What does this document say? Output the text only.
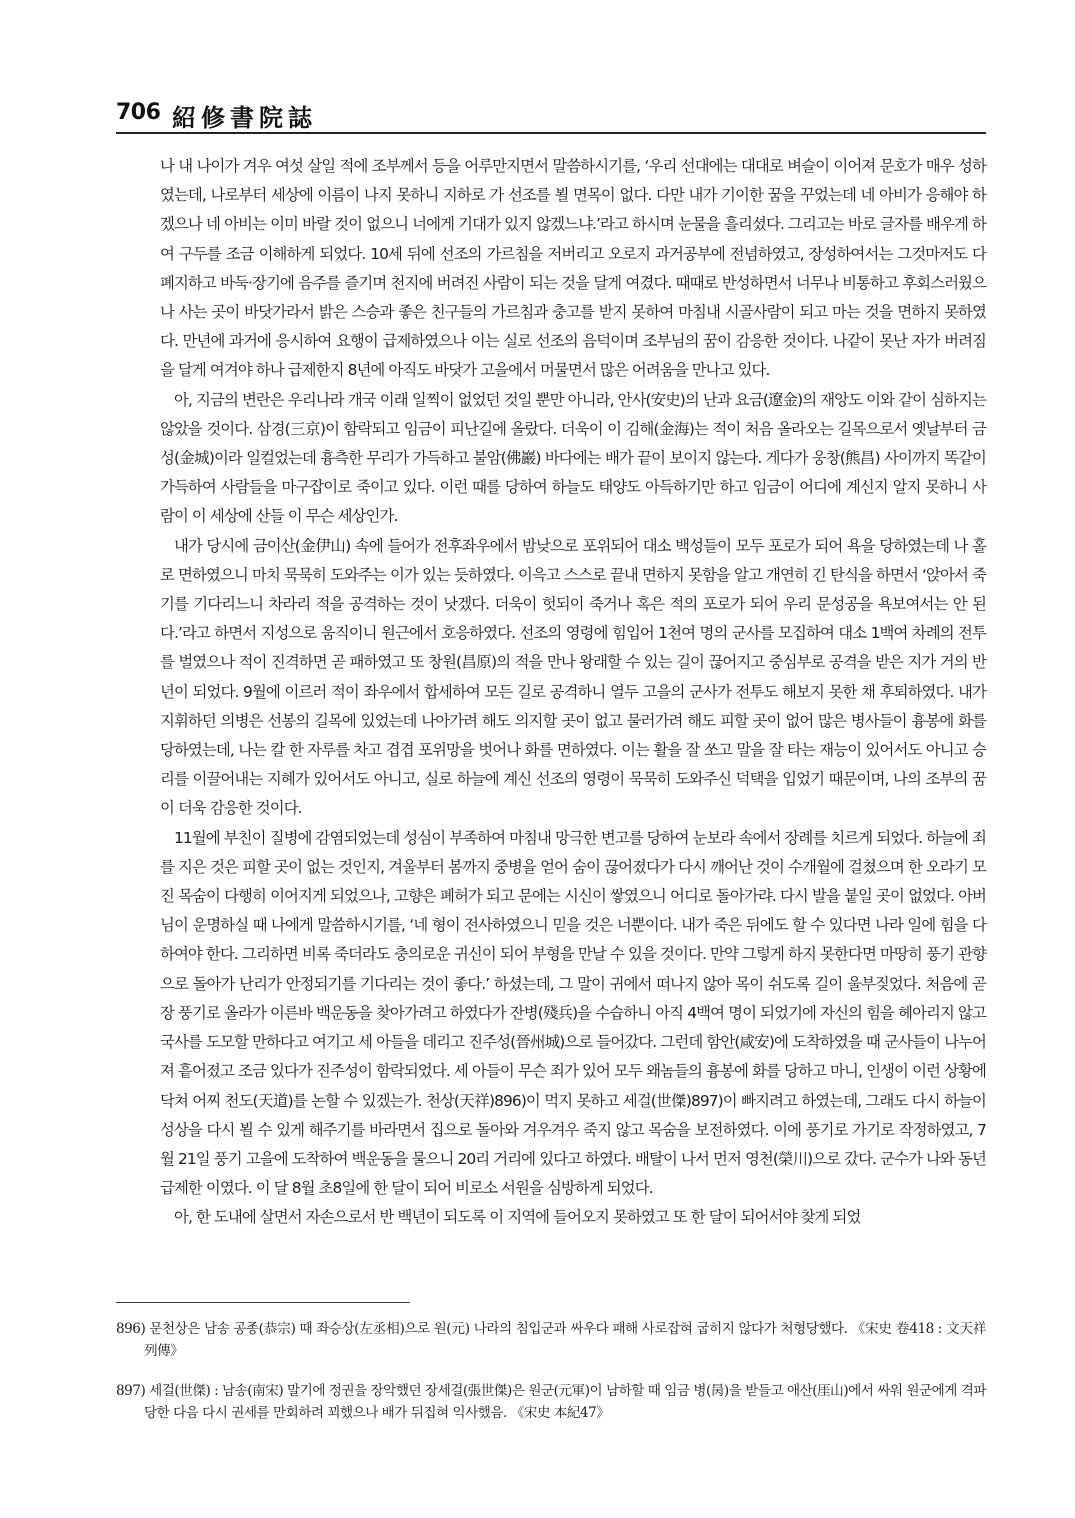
706 紹修書院誌

나 내 나이가 겨우 여섯 살일 적에 조부께서 등을 어루만지면서 말씀하시기를, ‘우리 선대에는 대대로 벼슬이 이어져 문호가 매우 성하였는데, 나로부터 세상에 이름이 나지 못하니 지하로 가 선조를 뵐 면목이 없다. 다만 내가 기이한 꿈을 꾸었는데 네 아비가 응해야 하겠으나 네 아비는 이미 바랄 것이 없으니 너에게 기대가 있지 않겠느냐.’라고 하시며 눈물을 흘리셨다. 그리고는 바로 글자를 배우게 하여 구두를 조금 이해하게 되었다. 10세 뒤에 선조의 가르침을 저버리고 오로지 과거공부에 전념하였고, 장성하여서는 그것마저도 다 폐지하고 바둑·장기에 음주를 즐기며 천지에 버려진 사람이 되는 것을 달게 여겼다. 때때로 반성하면서 너무나 비통하고 후회스러웠으나 사는 곳이 바닷가라서 밝은 스승과 좋은 친구들의 가르침과 충고를 받지 못하여 마침내 시골사람이 되고 마는 것을 면하지 못하였다. 만년에 과거에 응시하여 요행이 급제하였으나 이는 실로 선조의 음덕이며 조부님의 꿈이 감응한 것이다. 나같이 못난 자가 버려짐을 달게 여겨야 하나 급제한지 8년에 아직도 바닷가 고을에서 머물면서 많은 어려움을 만나고 있다.

아, 지금의 변란은 우리나라 개국 이래 일찍이 없었던 것일 뿐만 아니라, 안사(安史)의 난과 요금(遼金)의 재앙도 이와 같이 심하지는 않았을 것이다. 삼경(三京)이 함락되고 임금이 피난길에 올랐다. 더욱이 이 김해(金海)는 적이 처음 올라오는 길목으로서 옛날부터 금성(金城)이라 일컬었는데 흉측한 무리가 가득하고 불암(佛巖) 바다에는 배가 끝이 보이지 않는다. 게다가 웅창(熊昌) 사이까지 똑같이 가득하여 사람들을 마구잡이로 죽이고 있다. 이런 때를 당하여 하늘도 태양도 아득하기만 하고 임금이 어디에 계신지 알지 못하니 사람이 이 세상에 산들 이 무슨 세상인가.

내가 당시에 금이산(金伊山) 속에 들어가 전후좌우에서 밤낮으로 포위되어 대소 백성들이 모두 포로가 되어 욕을 당하였는데 나 홀로 면하였으니 마치 묵묵히 도와주는 이가 있는 듯하였다. 이윽고 스스로 끝내 면하지 못함을 알고 개연히 긴 탄식을 하면서 ‘앉아서 죽기를 기다리느니 차라리 적을 공격하는 것이 낫겠다. 더욱이 헛되이 죽거나 혹은 적의 포로가 되어 우리 문성공을 욕보여서는 안 된다.’라고 하면서 지성으로 움직이니 원근에서 호응하였다. 선조의 영령에 힘입어 1천여 명의 군사를 모집하여 대소 1백여 차례의 전투를 벌였으나 적이 진격하면 곧 패하였고 또 창원(昌原)의 적을 만나 왕래할 수 있는 길이 끊어지고 중심부로 공격을 받은 지가 거의 반년이 되었다. 9월에 이르러 적이 좌우에서 합세하여 모든 길로 공격하니 열두 고을의 군사가 전투도 해보지 못한 채 후퇴하였다. 내가 지휘하던 의병은 선봉의 길목에 있었는데 나아가려 해도 의지할 곳이 없고 물러가려 해도 피할 곳이 없어 많은 병사들이 흉봉에 화를 당하였는데, 나는 칼 한 자루를 차고 겹겹 포위망을 벗어나 화를 면하였다. 이는 활을 잘 쏘고 말을 잘 타는 재능이 있어서도 아니고 승리를 이끌어내는 지혜가 있어서도 아니고, 실로 하늘에 계신 선조의 영령이 묵묵히 도와주신 덕택을 입었기 때문이며, 나의 조부의 꿈이 더욱 감응한 것이다.

11월에 부친이 질병에 감염되었는데 성심이 부족하여 마침내 망극한 변고를 당하여 눈보라 속에서 장례를 치르게 되었다. 하늘에 죄를 지은 것은 피할 곳이 없는 것인지, 겨울부터 봄까지 중병을 얻어 숨이 끊어졌다가 다시 깨어난 것이 수개월에 걸쳤으며 한 오라기 모진 목숨이 다행히 이어지게 되었으나, 고향은 폐허가 되고 문에는 시신이 쌓였으니 어디로 돌아가랴. 다시 발을 붙일 곳이 없었다. 아버님이 운명하실 때 나에게 말씀하시기를, ‘네 형이 전사하였으니 믿을 것은 너뿐이다. 내가 죽은 뒤에도 할 수 있다면 나라 일에 힘을 다하여야 한다. 그리하면 비록 죽더라도 충의로운 귀신이 되어 부형을 만날 수 있을 것이다. 만약 그렇게 하지 못한다면 마땅히 풍기 관향으로 돌아가 난리가 안정되기를 기다리는 것이 좋다.’ 하셨는데, 그 말이 귀에서 떠나지 않아 목이 쉬도록 길이 울부짖었다. 처음에 곧장 풍기로 올라가 이른바 백운동을 찾아가려고 하였다가 잔병(殘兵)을 수습하니 아직 4백여 명이 되었기에 자신의 힘을 헤아리지 않고 국사를 도모할 만하다고 여기고 세 아들을 데리고 진주성(晉州城)으로 들어갔다. 그런데 함안(咸安)에 도착하였을 때 군사들이 나누어져 흩어졌고 조금 있다가 진주성이 함락되었다. 세 아들이 무슨 죄가 있어 모두 왜놈들의 흉봉에 화를 당하고 마니, 인생이 이런 상황에 닥쳐 어찌 천도(天道)를 논할 수 있겠는가. 천상(天祥)896)이 먹지 못하고 세걸(世傑)897)이 빠지려고 하였는데, 그래도 다시 하늘이 성상을 다시 뵐 수 있게 해주기를 바라면서 집으로 돌아와 겨우겨우 죽지 않고 목숨을 보전하였다. 이에 풍기로 가기로 작정하였고, 7월 21일 풍기 고을에 도착하여 백운동을 물으니 20리 거리에 있다고 하였다. 배탈이 나서 먼저 영천(榮川)으로 갔다. 군수가 나와 동년 급제한 이였다. 이 달 8월 초8일에 한 달이 되어 비로소 서원을 심방하게 되었다.

아, 한 도내에 살면서 자손으로서 반 백년이 되도록 이 지역에 들어오지 못하였고 또 한 달이 되어서야 찾게 되었

896) 문천상은 남송 공종(恭宗) 때 좌승상(左丞相)으로 원(元) 나라의 침입군과 싸우다 패해 사로잡혀 굽히지 않다가 처형당했다. 《宋史 卷418 : 文天祥列傳》

897) 세걸(世傑) : 남송(南宋) 말기에 정권을 장악했던 장세걸(張世傑)은 원군(元軍)이 남하할 때 임금 병(昺)을 받들고 애산(厓山)에서 싸워 원군에게 격파당한 다음 다시 권세를 만회하려 꾀했으나 배가 뒤집혀 익사했음. 《宋史 本紀47》
